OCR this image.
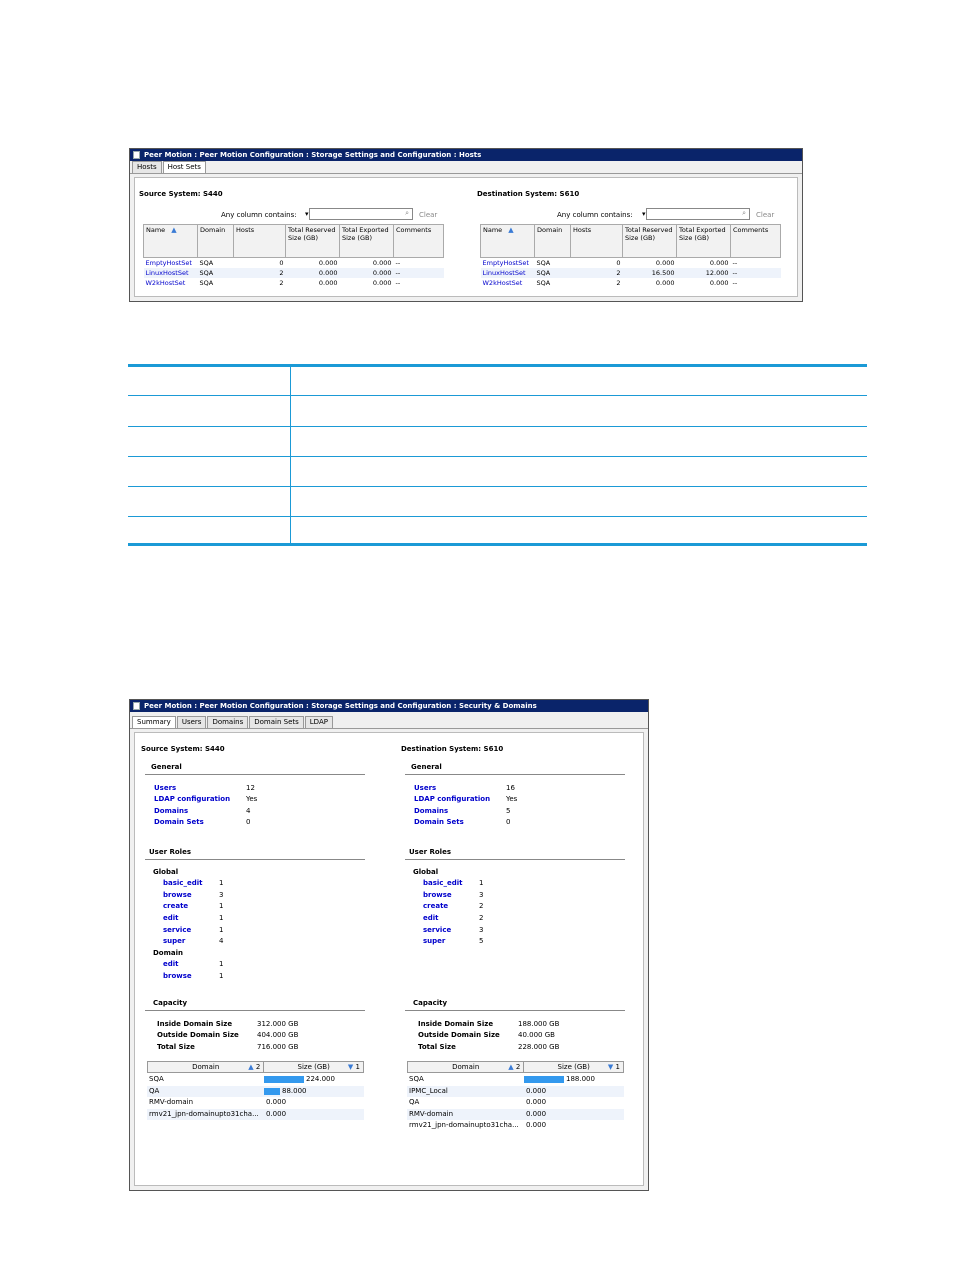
Peer Motion : Peer Motion Configuration : Storage Settings and Configuration : Hosts
Hosts	Host Sets
Source System: S440
Any column contains: ▾	⌕ Clear
Name ▲	Domain	Hosts	Total Reserved Size (GB)	Total Exported Size (GB)	Comments
EmptyHostSet	SQA	0	0.000	0.000	--
LinuxHostSet	SQA	2	0.000	0.000	--
W2kHostSet	SQA	2	0.000	0.000	--
Destination System: S610
Any column contains: ▾	⌕ Clear
Name ▲	Domain	Hosts	Total Reserved Size (GB)	Total Exported Size (GB)	Comments
EmptyHostSet	SQA	0	0.000	0.000	--
LinuxHostSet	SQA	2	16.500	12.000	--
W2kHostSet	SQA	2	0.000	0.000	--
Peer Motion : Peer Motion Configuration : Storage Settings and Configuration : Security & Domains
Summary	Users	Domains	Domain Sets	LDAP
Source System: S440
General
Users	12
LDAP configuration Yes
Domains	4
Domain Sets	0
User Roles
Global
basic_edit 1
browse	3
create	1
edit	1
service	1
super	4
Domain
edit	1
browse	1
Capacity
Inside Domain Size	312.000 GB
Outside Domain Size	404.000 GB
Total Size	716.000 GB
Domain	▲ 2	Size (GB)	▼ 1
SQA	224.000
QA	88.000
RMV-domain	0.000
rmv21_jpn-domainupto31cha... 0.000
Destination System: S610
General
Users	16
LDAP configuration Yes
Domains	5
Domain Sets	0
User Roles
Global
basic_edit 1
browse	3
create	2
edit	2
service	3
super	5
Capacity
Inside Domain Size	188.000 GB
Outside Domain Size	40.000 GB
Total Size	228.000 GB
Domain	▲ 2	Size (GB)	▼ 1
SQA	188.000
IPMC_Local	0.000
QA	0.000
RMV-domain	0.000
rmv21_jpn-domainupto31cha... 0.000
